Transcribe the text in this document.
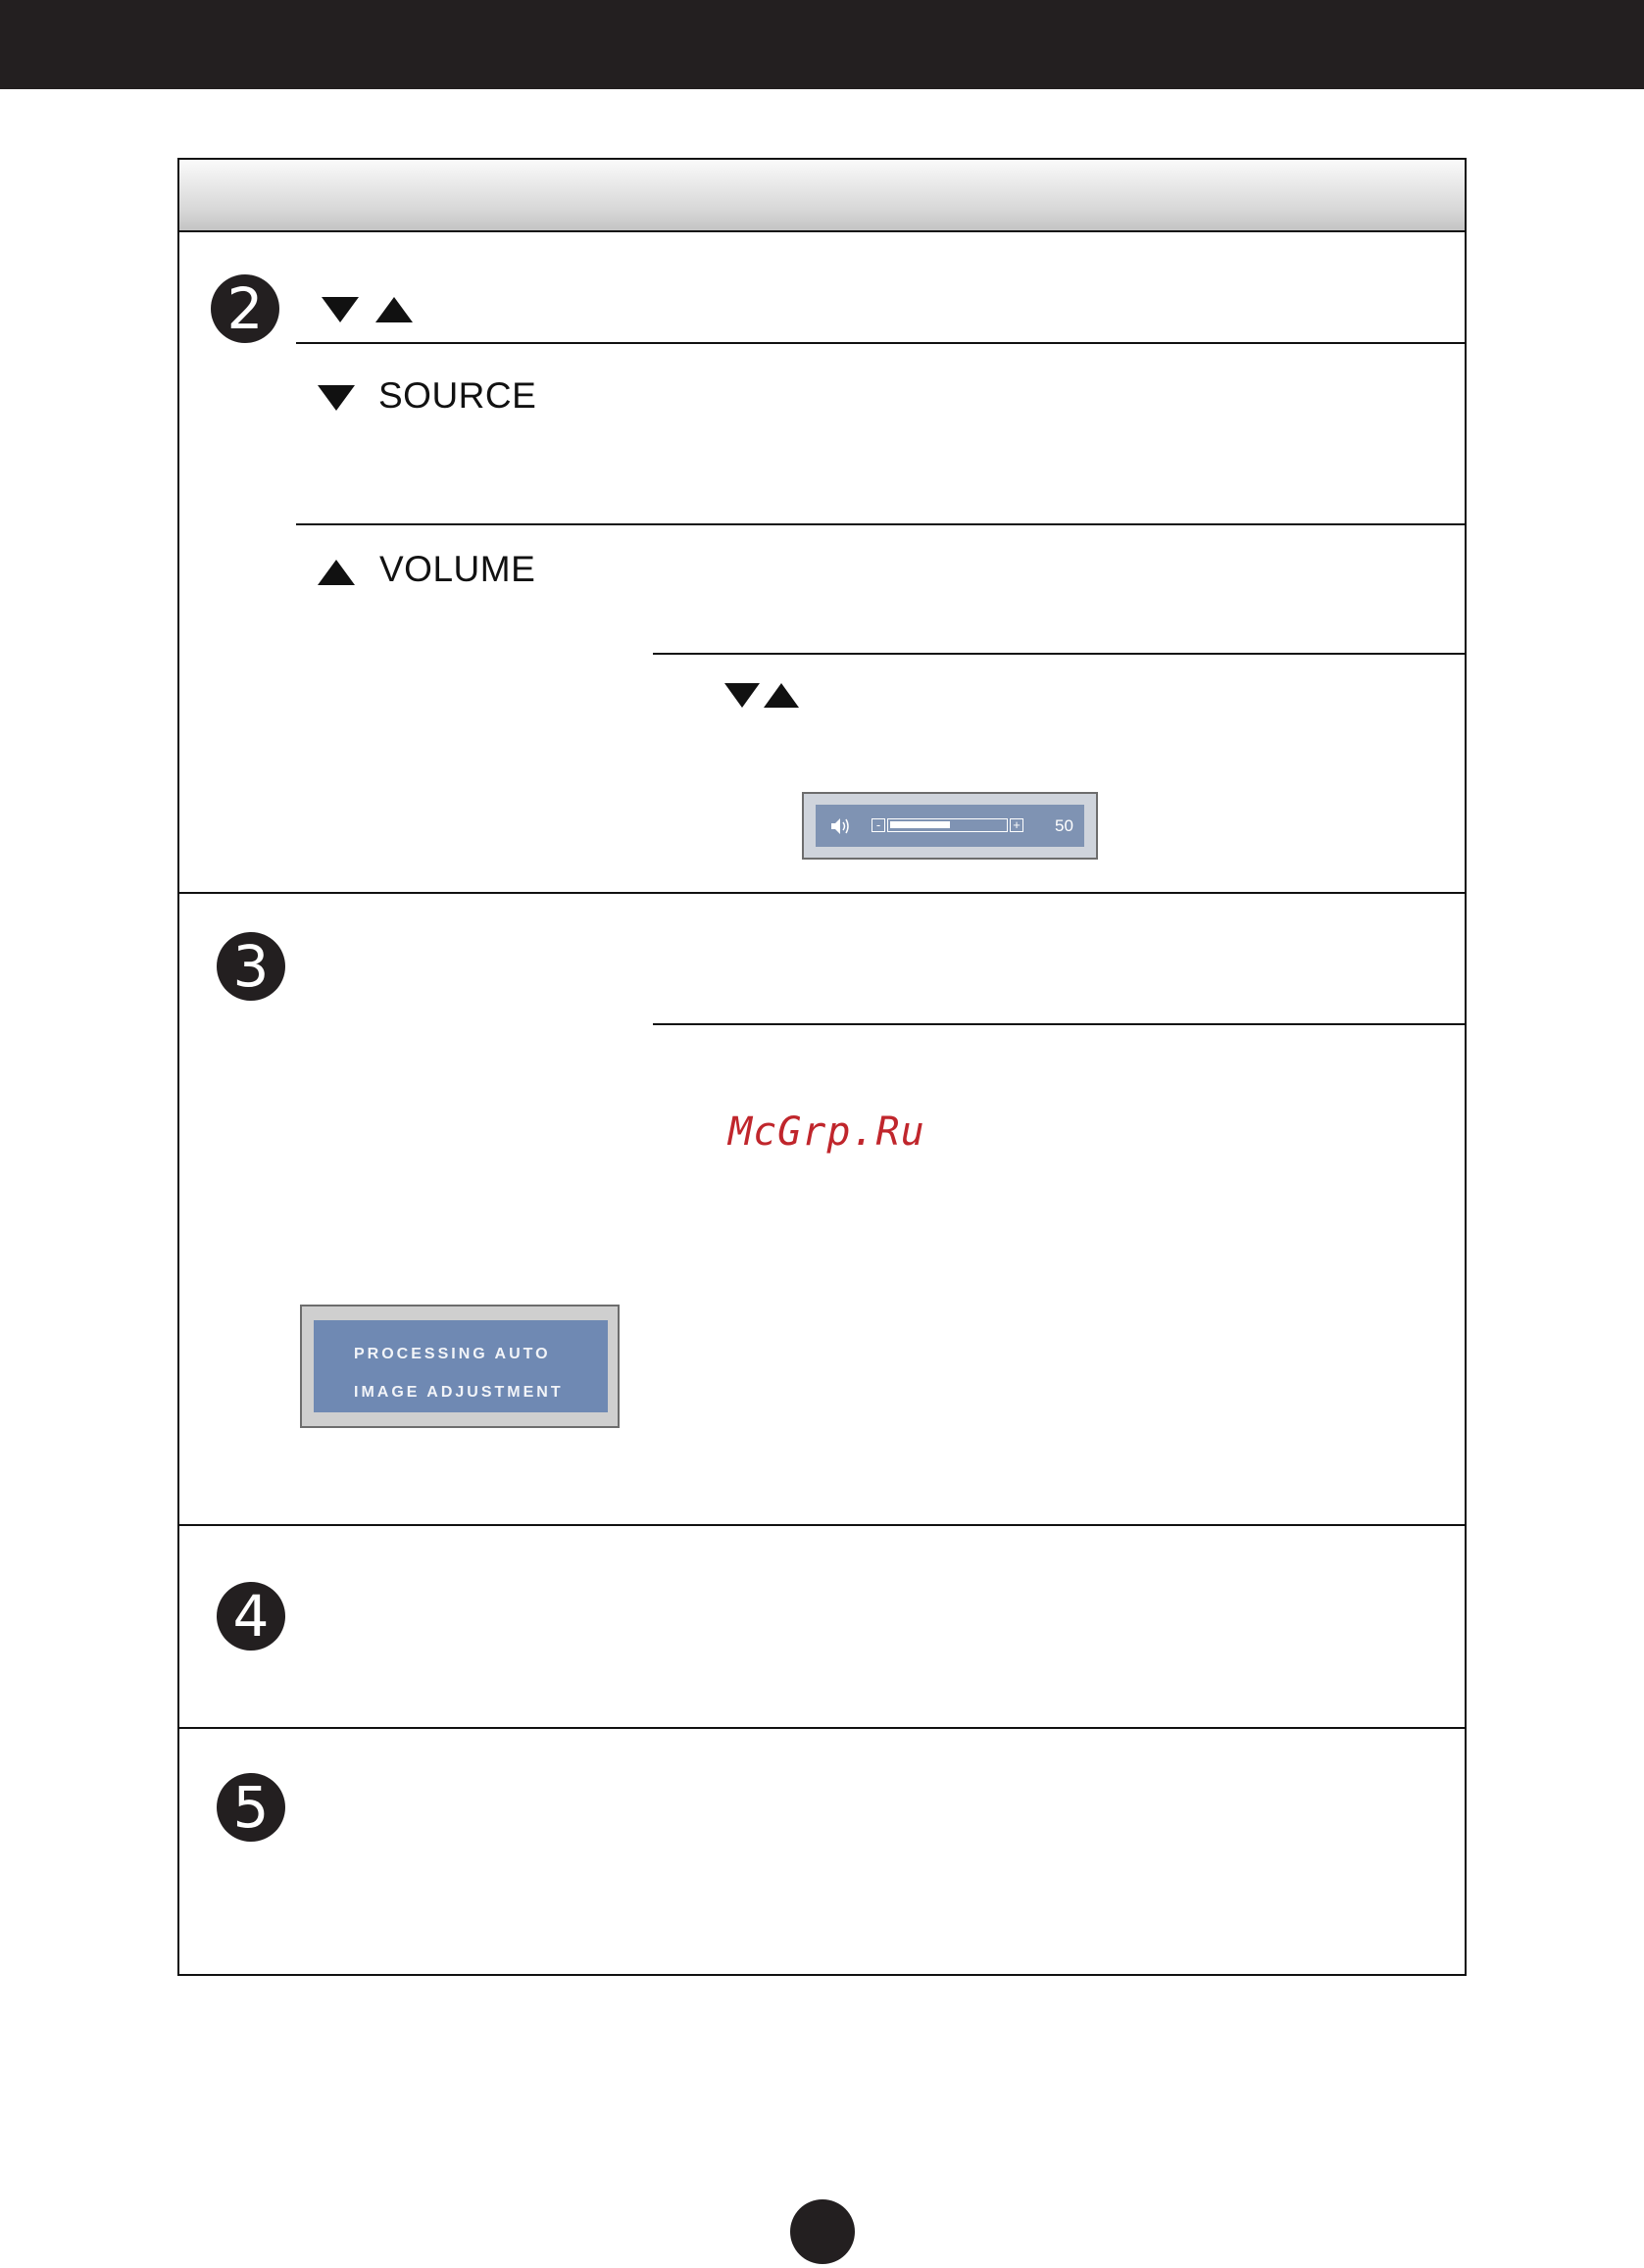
2
SOURCE
VOLUME
3
4
5
-	+ 50
McGrp.Ru
PROCESSING AUTO
IMAGE ADJUSTMENT
